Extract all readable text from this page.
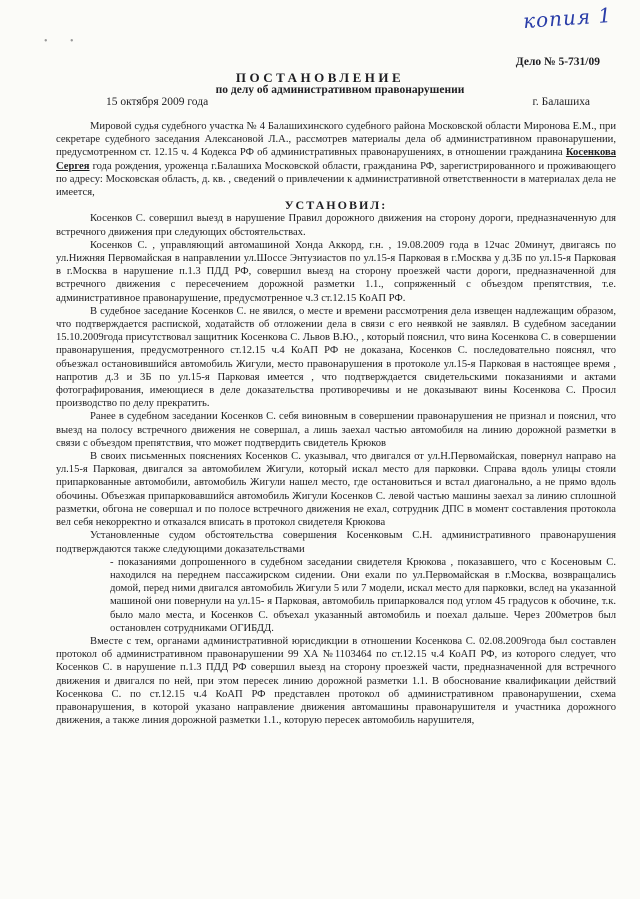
копия 1
• •
Дело № 5-731/09
ПОСТАНОВЛЕНИЕ
по делу об административном правонарушении
15 октября 2009 года	г. Балашиха

Мировой судья судебного участка № 4 Балашихинского судебного района Московской области Миронова Е.М., при секретаре судебного заседания Алексановой Л.А., рассмотрев материалы дела об административном правонарушении, предусмотренном ст. 12.15 ч. 4 Кодекса РФ об административных правонарушениях, в отношении гражданина Косенкова Сергея года рождения, уроженца г.Балашиха Московской области, гражданина РФ, зарегистрированного и проживающего по адресу: Московская область, д. кв. , сведений о привлечении к административной ответственности в материалах дела не имеется,

УСТАНОВИЛ:

Косенков С. совершил выезд в нарушение Правил дорожного движения на сторону дороги, предназначенную для встречного движения при следующих обстоятельствах.

Косенков С. , управляющий автомашиной Хонда Аккорд, г.н. , 19.08.2009 года в 12час 20минут, двигаясь по ул.Нижняя Первомайская в направлении ул.Шоссе Энтузиастов по ул.15-я Парковая в г.Москва у д.3Б по ул.15-я Парковая в г.Москва в нарушение п.1.3 ПДД РФ, совершил выезд на сторону проезжей части дороги, предназначенной для встречного движения с пересечением дорожной разметки 1.1., сопряженный с объездом препятствия, т.е. административное правонарушение, предусмотренное ч.3 ст.12.15 КоАП РФ.

В судебное заседание Косенков С. не явился, о месте и времени рассмотрения дела извещен надлежащим образом, что подтверждается распиской, ходатайств об отложении дела в связи с его неявкой не заявлял. В судебном заседании 15.10.2009года присутствовал защитник Косенкова С. Львов В.Ю., , который пояснил, что вина Косенкова С. в совершении правонарушения, предусмотренного ст.12.15 ч.4 КоАП РФ не доказана, Косенков С. последовательно пояснял, что объезжал остановившийся автомобиль Жигули, место правонарушения в протоколе ул.15-я Парковая в настоящее время , напротив д.3 и 3Б по ул.15-я Парковая имеется , что подтверждается свидетельскими показаниями и актами фотографирования, имеющиеся в деле доказательства противоречивы и не доказывают вины Косенкова С. Просил производство по делу прекратить.

Ранее в судебном заседании Косенков С. себя виновным в совершении правонарушения не признал и пояснил, что выезд на полосу встречного движения не совершал, а лишь заехал частью автомобиля на линию дорожной разметки в связи с объездом препятствия, что может подтвердить свидетель Крюков

В своих письменных пояснениях Косенков С. указывал, что двигался от ул.Н.Первомайская, повернул направо на ул.15-я Парковая, двигался за автомобилем Жигули, который искал место для парковки. Справа вдоль улицы стояли припаркованные автомобили, автомобиль Жигули нашел место, где остановиться и встал диагонально, а не прямо вдоль обочины. Объезжая припарковавшийся автомобиль Жигули Косенков С. левой частью машины заехал за линию сплошной разметки, обгона не совершал и по полосе встречного движения не ехал, сотрудник ДПС в момент составления протокола вел себя некорректно и отказался вписать в протокол свидетеля Крюкова

Установленные судом обстоятельства совершения Косенковым С.Н. административного правонарушения подтверждаются также следующими доказательствами

- показаниями допрошенного в судебном заседании свидетеля Крюкова , показавшего, что с Косеновым С. находился на переднем пассажирском сидении. Они ехали по ул.Первомайская в г.Москва, возвращались домой, перед ними двигался автомобиль Жигули 5 или 7 модели, искал место для парковки, вслед на указанной машиной они повернули на ул.15- я Парковая, автомобиль припарковался под углом 45 градусов к обочине, т.к. было мало места, и Косенков С. объехал указанный автомобиль и поехал дальше. Через 200метров был остановлен сотрудниками ОГИБДД.

Вместе с тем, органами административной юрисдикции в отношении Косенкова С. 02.08.2009года был составлен протокол об административном правонарушении 99 ХА №1103464 по ст.12.15 ч.4 КоАП РФ, из которого следует, что Косенков С. в нарушение п.1.3 ПДД РФ совершил выезд на сторону проезжей части, предназначенной для встречного движения и двигался по ней, при этом пересек линию дорожной разметки 1.1. В обоснование квалификации действий Косенкова С. по ст.12.15 ч.4 КоАП РФ представлен протокол об административном правонарушении, схема правонарушения, в которой указано направление движения автомашины правонарушителя и участника дорожного движения, а также линия дорожной разметки 1.1., которую пересек автомобиль нарушителя,
